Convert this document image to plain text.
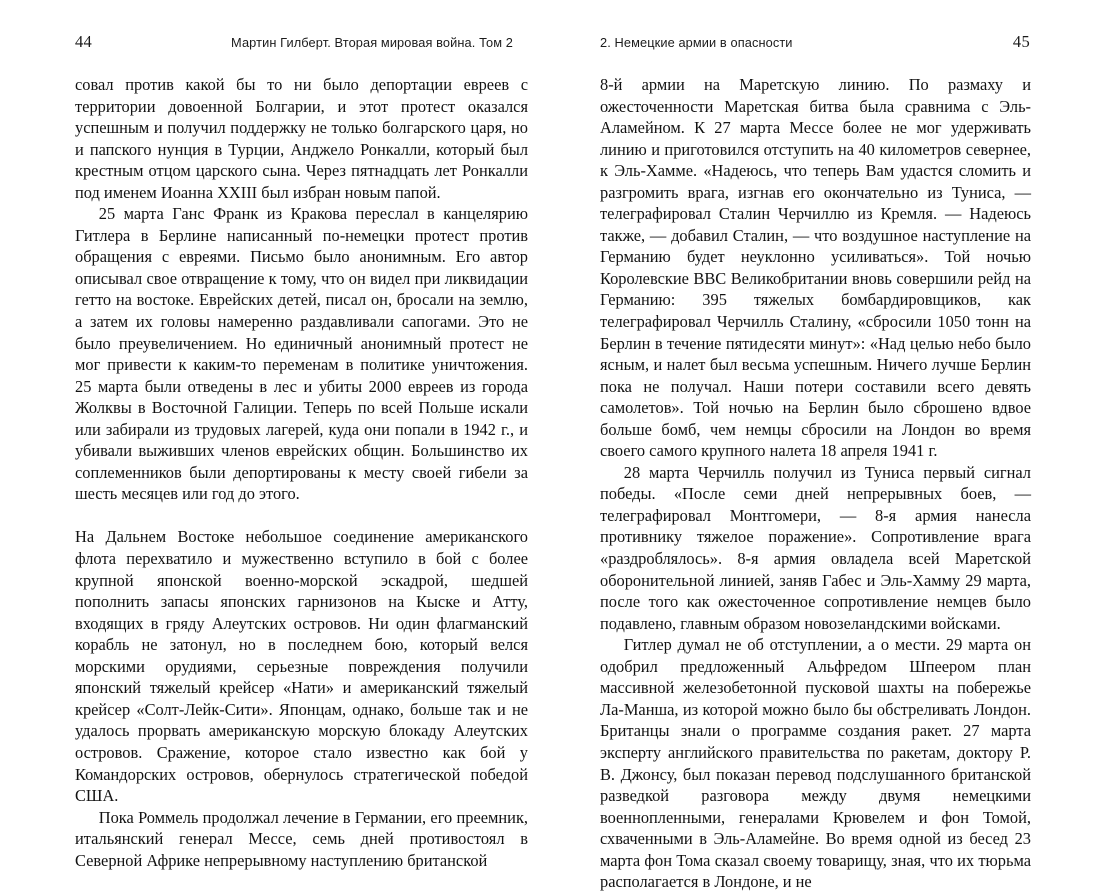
44	Мартин Гилберт. Вторая мировая война. Том 2	2. Немецкие армии в опасности	45

совал против какой бы то ни было депортации евреев с территории довоенной Болгарии, и этот протест оказался успешным и получил поддержку не только болгарского царя, но и папского нунция в Турции, Анджело Ронкалли, который был крестным отцом царского сына. Через пятнадцать лет Ронкалли под именем Иоанна XXIII был избран новым папой.

25 марта Ганс Франк из Кракова переслал в канцелярию Гитлера в Берлине написанный по-немецки протест против обращения с евреями. Письмо было анонимным. Его автор описывал свое отвращение к тому, что он видел при ликвидации гетто на востоке. Еврейских детей, писал он, бросали на землю, а затем их головы намеренно раздавливали сапогами. Это не было преувеличением. Но единичный анонимный протест не мог привести к каким-то переменам в политике уничтожения. 25 марта были отведены в лес и убиты 2000 евреев из города Жолквы в Восточной Галиции. Теперь по всей Польше искали или забирали из трудовых лагерей, куда они попали в 1942 г., и убивали выживших членов еврейских общин. Большинство их соплеменников были депортированы к месту своей гибели за шесть месяцев или год до этого.

На Дальнем Востоке небольшое соединение американского флота перехватило и мужественно вступило в бой с более крупной японской военно-морской эскадрой, шедшей пополнить запасы японских гарнизонов на Кыске и Атту, входящих в гряду Алеутских островов. Ни один флагманский корабль не затонул, но в последнем бою, который велся морскими орудиями, серьезные повреждения получили японский тяжелый крейсер «Нати» и американский тяжелый крейсер «Солт-Лейк-Сити». Японцам, однако, больше так и не удалось прорвать американскую морскую блокаду Алеутских островов. Сражение, которое стало известно как бой у Командорских островов, обернулось стратегической победой США.

Пока Роммель продолжал лечение в Германии, его преемник, итальянский генерал Мессе, семь дней противостоял в Северной Африке непрерывному наступлению британской

8-й армии на Маретскую линию. По размаху и ожесточенности Маретская битва была сравнима с Эль-Аламейном. К 27 марта Мессе более не мог удерживать линию и приготовился отступить на 40 километров севернее, к Эль-Хамме. «Надеюсь, что теперь Вам удастся сломить и разгромить врага, изгнав его окончательно из Туниса, — телеграфировал Сталин Черчиллю из Кремля. — Надеюсь также, — добавил Сталин, — что воздушное наступление на Германию будет неуклонно усиливаться». Той ночью Королевские ВВС Великобритании вновь совершили рейд на Германию: 395 тяжелых бомбардировщиков, как телеграфировал Черчилль Сталину, «сбросили 1050 тонн на Берлин в течение пятидесяти минут»: «Над целью небо было ясным, и налет был весьма успешным. Ничего лучше Берлин пока не получал. Наши потери составили всего девять самолетов». Той ночью на Берлин было сброшено вдвое больше бомб, чем немцы сбросили на Лондон во время своего самого крупного налета 18 апреля 1941 г.

28 марта Черчилль получил из Туниса первый сигнал победы. «После семи дней непрерывных боев, — телеграфировал Монтгомери, — 8-я армия нанесла противнику тяжелое поражение». Сопротивление врага «раздроблялось». 8-я армия овладела всей Маретской оборонительной линией, заняв Габес и Эль-Хамму 29 марта, после того как ожесточенное сопротивление немцев было подавлено, главным образом новозеландскими войсками.

Гитлер думал не об отступлении, а о мести. 29 марта он одобрил предложенный Альфредом Шпеером план массивной железобетонной пусковой шахты на побережье Ла-Манша, из которой можно было бы обстреливать Лондон. Британцы знали о программе создания ракет. 27 марта эксперту английского правительства по ракетам, доктору Р. В. Джонсу, был показан перевод подслушанного британской разведкой разговора между двумя немецкими военнопленными, генералами Крювелем и фон Томой, схваченными в Эль-Аламейне. Во время одной из бесед 23 марта фон Тома сказал своему товарищу, зная, что их тюрьма располагается в Лондоне, и не
